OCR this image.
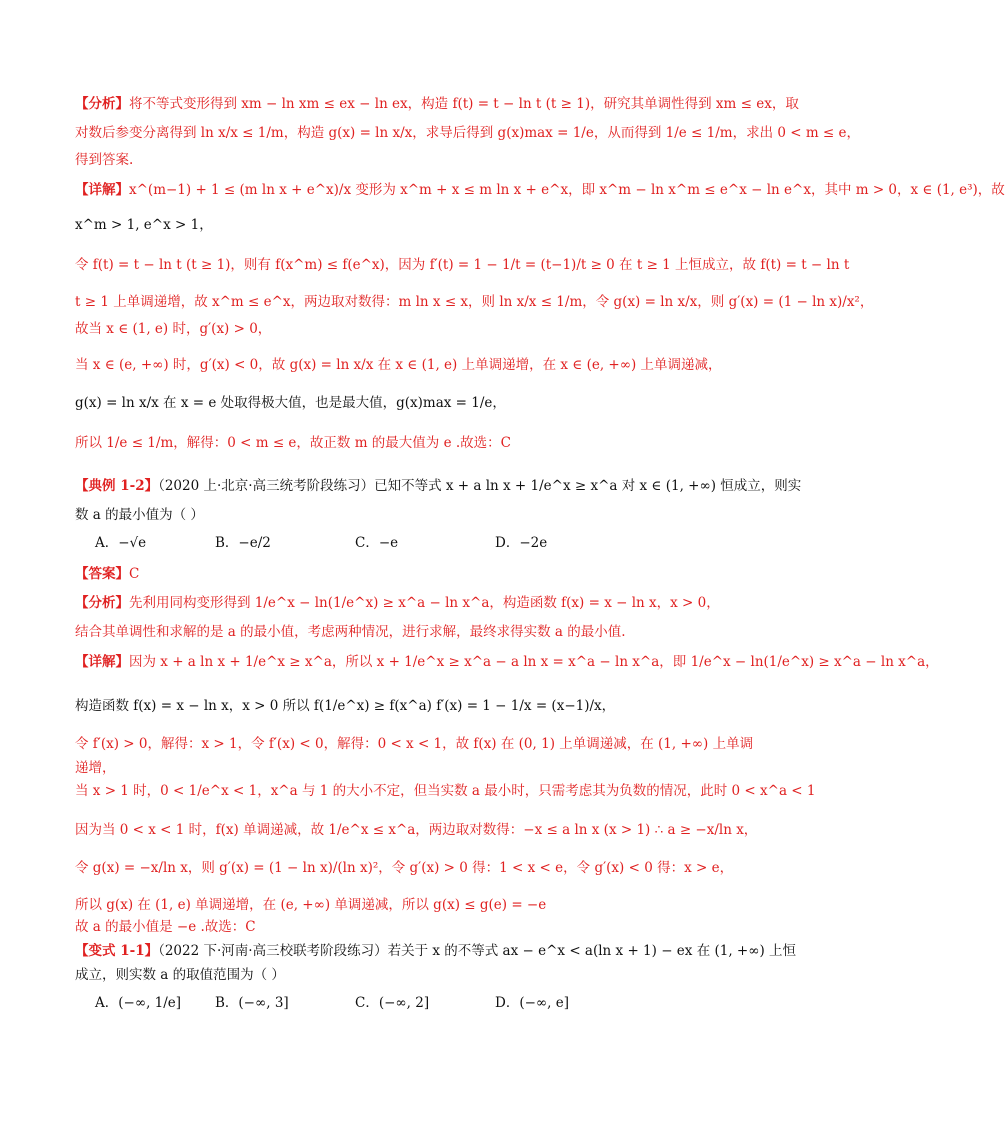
【分析】将不等式变形得到 xm − ln xm ≤ ex − ln ex，构造 f(t) = t − ln t (t ≥ 1)，研究其单调性得到 xm ≤ ex，取
对数后参变分离得到 ln x/x ≤ 1/m，构造 g(x) = ln x/x，求导后得到 g(x)max = 1/e，从而得到 1/e ≤ 1/m，求出 0 < m ≤ e，
得到答案.
【详解】x^(m−1) + 1 ≤ (m ln x + e^x)/x 变形为 x^m + x ≤ m ln x + e^x，即 x^m − ln x^m ≤ e^x − ln e^x，其中 m > 0，x ∈ (1, e³)，故
x^m > 1, e^x > 1，
令 f(t) = t − ln t (t ≥ 1)，则有 f(x^m) ≤ f(e^x)，因为 f′(t) = 1 − 1/t = (t−1)/t ≥ 0 在 t ≥ 1 上恒成立，故 f(t) = t − ln t
t ≥ 1 上单调递增，故 x^m ≤ e^x，两边取对数得：m ln x ≤ x，则 ln x/x ≤ 1/m，令 g(x) = ln x/x，则 g′(x) = (1 − ln x)/x²，
故当 x ∈ (1, e) 时，g′(x) > 0，
当 x ∈ (e, +∞) 时，g′(x) < 0，故 g(x) = ln x/x 在 x ∈ (1, e) 上单调递增，在 x ∈ (e, +∞) 上单调递减，
g(x) = ln x/x 在 x = e 处取得极大值，也是最大值，g(x)max = 1/e，
所以 1/e ≤ 1/m，解得：0 < m ≤ e，故正数 m 的最大值为 e .故选：C
【典例 1-2】（2020 上·北京·高三统考阶段练习）已知不等式 x + a ln x + 1/e^x ≥ x^a 对 x ∈ (1, +∞) 恒成立，则实
数 a 的最小值为（ ）
【答案】C
【分析】先利用同构变形得到 1/e^x − ln(1/e^x) ≥ x^a − ln x^a，构造函数 f(x) = x − ln x，x > 0，
结合其单调性和求解的是 a 的最小值，考虑两种情况，进行求解，最终求得实数 a 的最小值.
【详解】因为 x + a ln x + 1/e^x ≥ x^a，所以 x + 1/e^x ≥ x^a − a ln x = x^a − ln x^a，即 1/e^x − ln(1/e^x) ≥ x^a − ln x^a，
构造函数 f(x) = x − ln x，x > 0 所以 f(1/e^x) ≥ f(x^a) f′(x) = 1 − 1/x = (x−1)/x，
令 f′(x) > 0，解得：x > 1，令 f′(x) < 0，解得：0 < x < 1，故 f(x) 在 (0, 1) 上单调递减，在 (1, +∞) 上单调
递增，
当 x > 1 时，0 < 1/e^x < 1，x^a 与 1 的大小不定，但当实数 a 最小时，只需考虑其为负数的情况，此时 0 < x^a < 1
因为当 0 < x < 1 时，f(x) 单调递减，故 1/e^x ≤ x^a，两边取对数得：−x ≤ a ln x (x > 1) ∴ a ≥ −x/ln x，
令 g(x) = −x/ln x，则 g′(x) = (1 − ln x)/(ln x)²，令 g′(x) > 0 得：1 < x < e，令 g′(x) < 0 得：x > e，
所以 g(x) 在 (1, e) 单调递增，在 (e, +∞) 单调递减，所以 g(x) ≤ g(e) = −e
故 a 的最小值是 −e .故选：C
【变式 1-1】（2022 下·河南·高三校联考阶段练习）若关于 x 的不等式 ax − e^x < a(ln x + 1) − ex 在 (1, +∞) 上恒
成立，则实数 a 的取值范围为（ ）
A．−√e	B．−e/2	C．−e	D．−2e
A．(−∞, 1/e]	B．(−∞, 3]	C．(−∞, 2]	D．(−∞, e]
